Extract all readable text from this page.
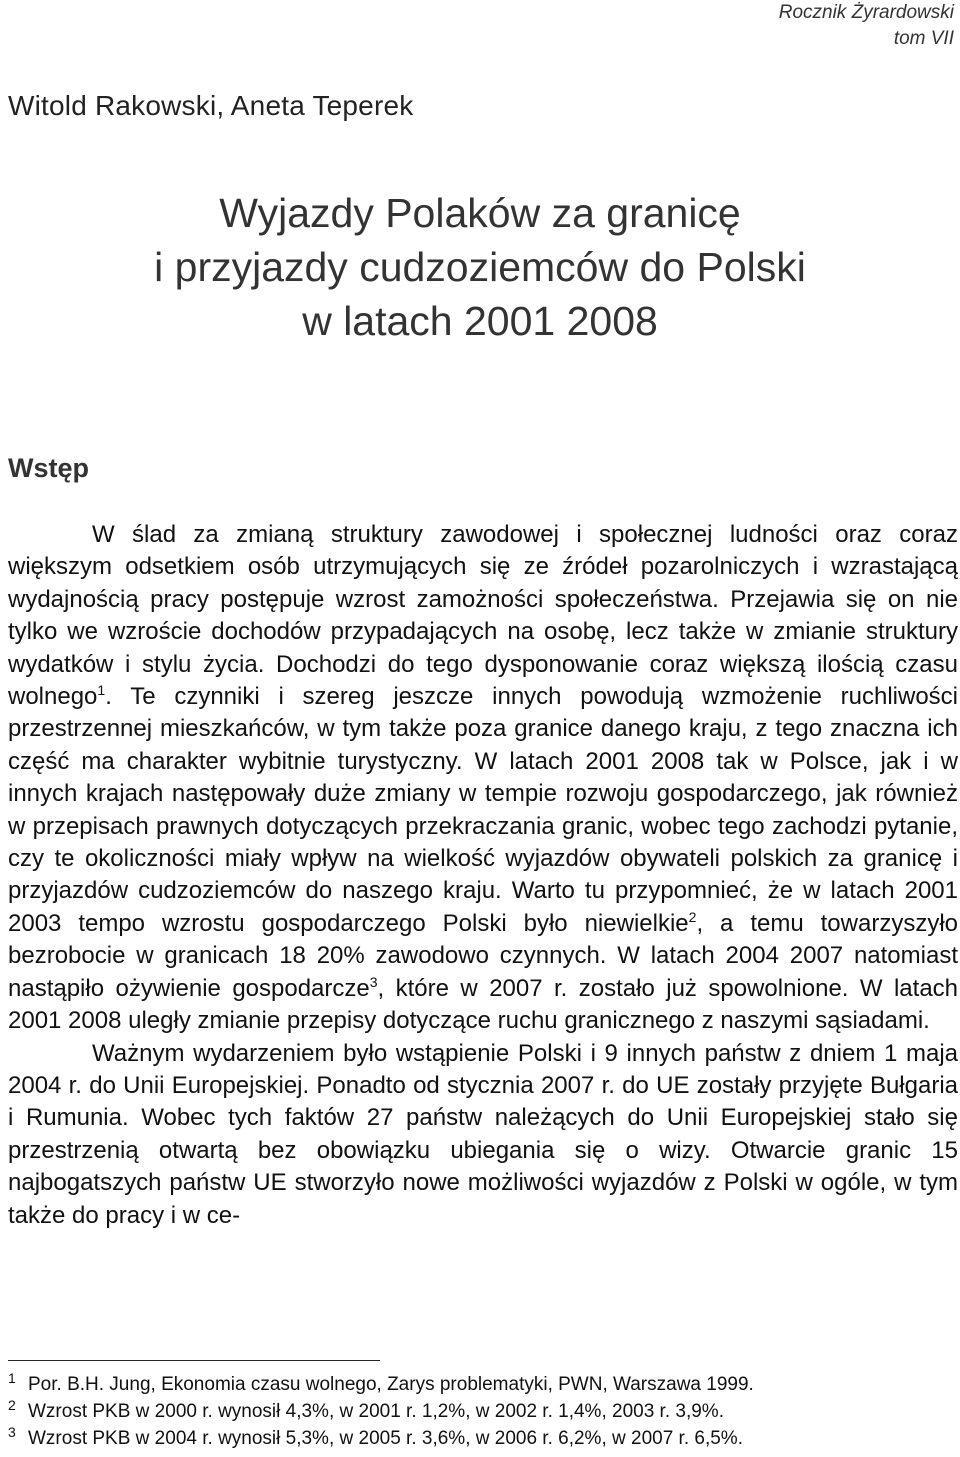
Rocznik Żyrardowski
tom VII
Witold Rakowski, Aneta Teperek
Wyjazdy Polaków za granicę
i przyjazdy cudzoziemców do Polski
w latach 2001 2008
Wstęp

W ślad za zmianą struktury zawodowej i społecznej ludności oraz coraz większym odsetkiem osób utrzymujących się ze źródeł pozarolniczych i wzrastającą wydajnością pracy postępuje wzrost zamożności społeczeństwa. Przejawia się on nie tylko we wzroście dochodów przypadających na osobę, lecz także w zmianie struktury wydatków i stylu życia. Dochodzi do tego dysponowanie coraz większą ilością czasu wolnego$^1$. Te czynniki i szereg jeszcze innych powodują wzmożenie ruchliwości przestrzennej mieszkańców, w tym także poza granice danego kraju, z tego znaczna ich część ma charakter wybitnie turystyczny. W latach 2001 2008 tak w Polsce, jak i w innych krajach następowały duże zmiany w tempie rozwoju gospodarczego, jak również w przepisach prawnych dotyczących przekraczania granic, wobec tego zachodzi pytanie, czy te okoliczności miały wpływ na wielkość wyjazdów obywateli polskich za granicę i przyjazdów cudzoziemców do naszego kraju. Warto tu przypomnieć, że w latach 2001 2003 tempo wzrostu gospodarczego Polski było niewielkie$^2$, a temu towarzyszyło bezrobocie w granicach 18 20% zawodowo czynnych. W latach 2004 2007 natomiast nastąpiło ożywienie gospodarcze$^3$, które w 2007 r. zostało już spowolnione. W latach 2001 2008 uległy zmianie przepisy dotyczące ruchu granicznego z naszymi sąsiadami.

Ważnym wydarzeniem było wstąpienie Polski i 9 innych państw z dniem 1 maja 2004 r. do Unii Europejskiej. Ponadto od stycznia 2007 r. do UE zostały przyjęte Bułgaria i Rumunia. Wobec tych faktów 27 państw należących do Unii Europejskiej stało się przestrzenią otwartą bez obowiązku ubiegania się o wizy. Otwarcie granic 15 najbogatszych państw UE stworzyło nowe możliwości wyjazdów z Polski w ogóle, w tym także do pracy i w ce-

1 Por. B.H. Jung, Ekonomia czasu wolnego, Zarys problematyki, PWN, Warszawa 1999.
2 Wzrost PKB w 2000 r. wynosił 4,3%, w 2001 r. 1,2%, w 2002 r. 1,4%, 2003 r. 3,9%.
3 Wzrost PKB w 2004 r. wynosił 5,3%, w 2005 r. 3,6%, w 2006 r. 6,2%, w 2007 r. 6,5%.
